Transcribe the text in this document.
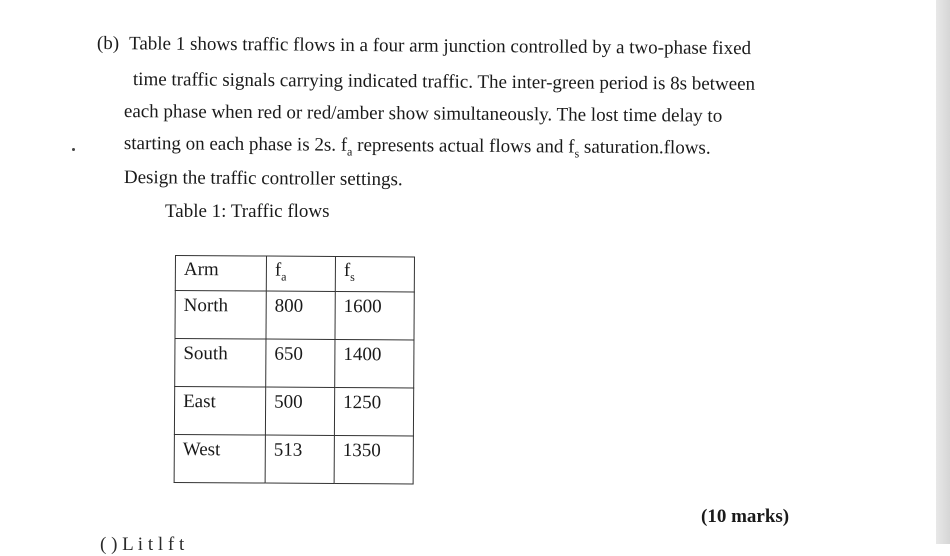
(b) Table 1 shows traffic flows in a four arm junction controlled by a two-phase fixed
time traffic signals carrying indicated traffic. The inter-green period is 8s between
each phase when red or red/amber show simultaneously. The lost time delay to
starting on each phase is 2s. $f_a$ represents actual flows and $f_s$ saturation.flows.
Design the traffic controller settings.
Table 1: Traffic flows
Arm	$f_a$	$f_s$
North	800	1600
South	650	1400
East	500	1250
West	513	1350
(10 marks)
( ) L i t l f t
